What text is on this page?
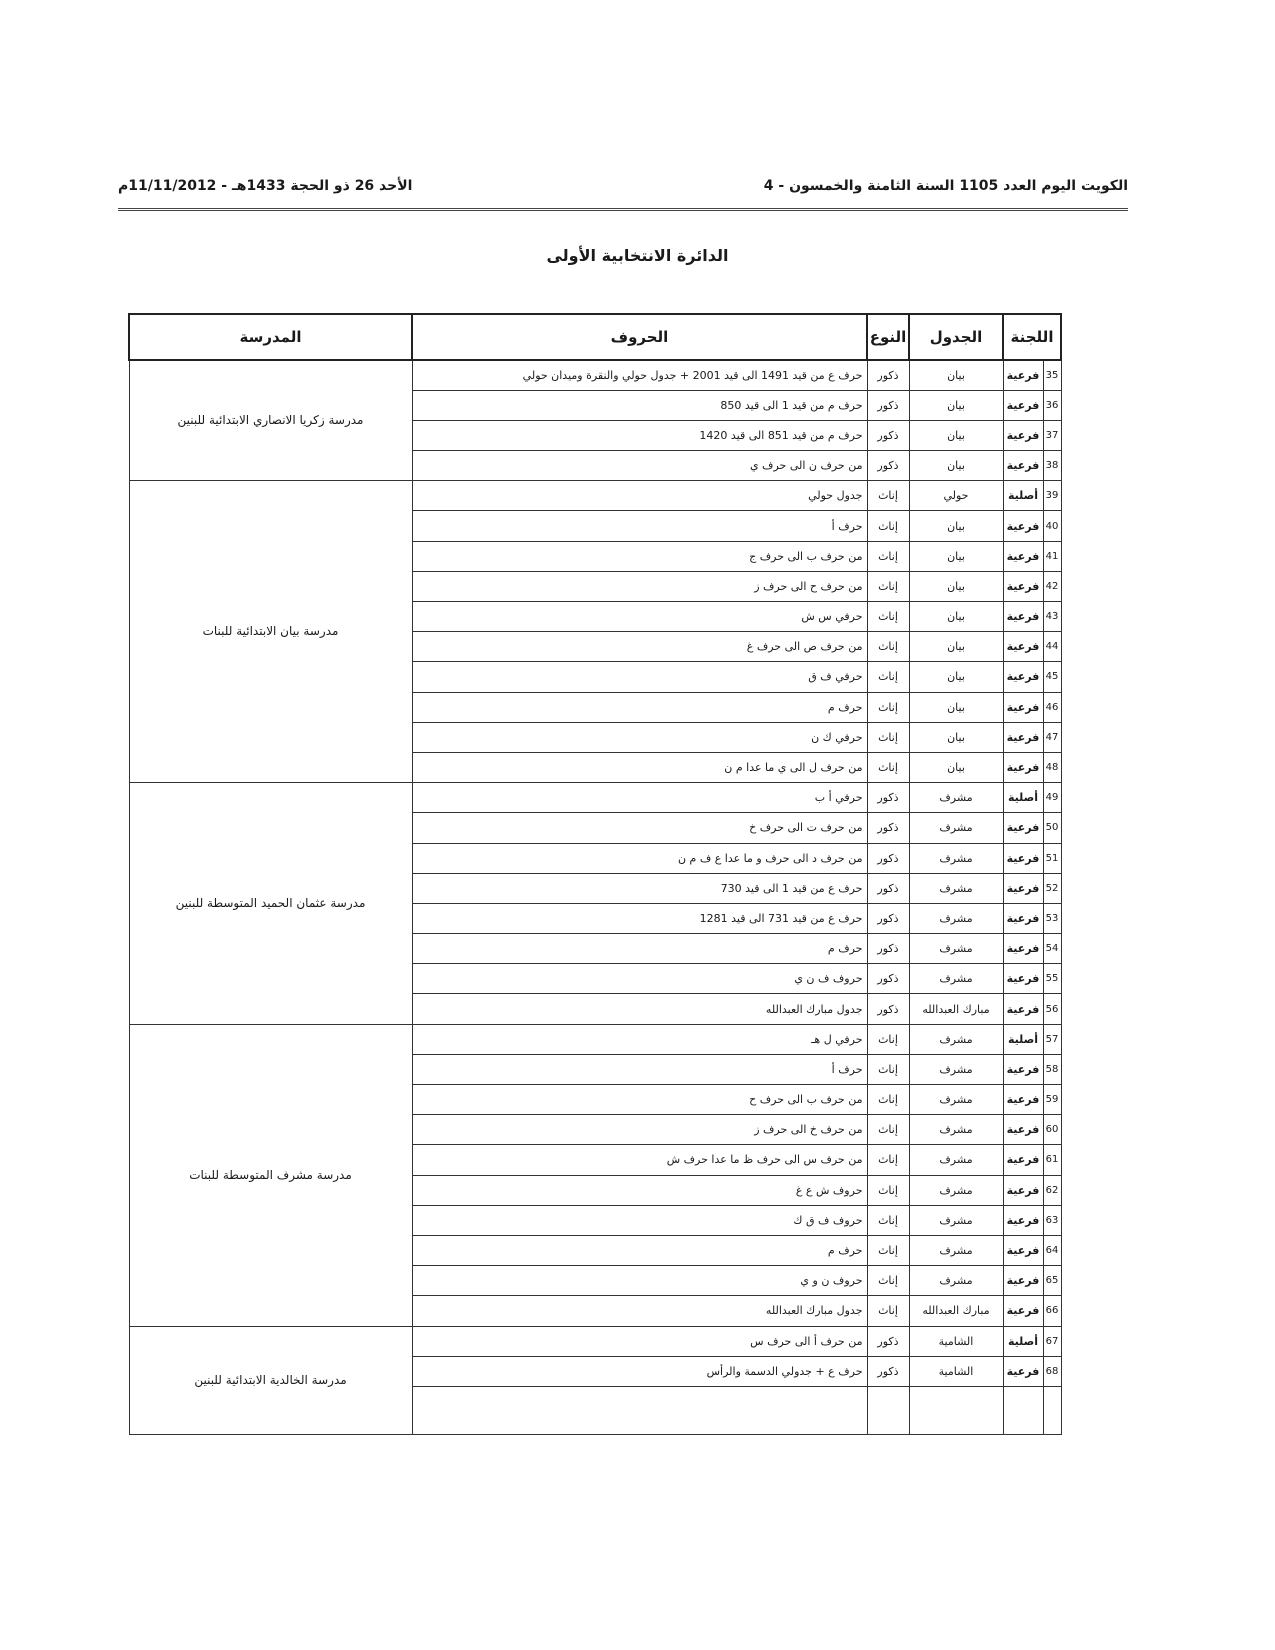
الكويت اليوم العدد 1105 السنة الثامنة والخمسون - 4
الأحد 26 ذو الحجة 1433هـ - 11/11/2012م
الدائرة الانتخابية الأولى
اللجنة		الجدول	النوع	الحروف	المدرسة
35	فرعية	بيان	ذكور	حرف ع من قيد 1491 الى قيد 2001 + جدول حولي والنقرة وميدان حولي	مدرسة زكريا الانصاري الابتدائية للبنين
36	فرعية	بيان	ذكور	حرف م من قيد 1 الى قيد 850	
37	فرعية	بيان	ذكور	حرف م من قيد 851 الى قيد 1420	
38	فرعية	بيان	ذكور	من حرف ن الى حرف ي	
39	أصلية	حولي	إناث	جدول حولي	مدرسة بيان الابتدائية للبنات
40	فرعية	بيان	إناث	حرف أ	
41	فرعية	بيان	إناث	من حرف ب الى حرف ج	
42	فرعية	بيان	إناث	من حرف ح الى حرف ز	
43	فرعية	بيان	إناث	حرفي س ش	
44	فرعية	بيان	إناث	من حرف ص الى حرف غ	
45	فرعية	بيان	إناث	حرفي ف ق	
46	فرعية	بيان	إناث	حرف م	
47	فرعية	بيان	إناث	حرفي ك ن	
48	فرعية	بيان	إناث	من حرف ل الى ي ما عدا م ن	
49	أصلية	مشرف	ذكور	حرفي أ ب	مدرسة عثمان الحميد المتوسطة للبنين
50	فرعية	مشرف	ذكور	من حرف ت الى حرف خ	
51	فرعية	مشرف	ذكور	من حرف د الى حرف و ما عدا ع ف م ن	
52	فرعية	مشرف	ذكور	حرف ع من قيد 1 الى قيد 730	
53	فرعية	مشرف	ذكور	حرف ع من قيد 731 الى قيد 1281	
54	فرعية	مشرف	ذكور	حرف م	
55	فرعية	مشرف	ذكور	حروف ف ن ي	
56	فرعية	مبارك العبدالله	ذكور	جدول مبارك العبدالله	
57	أصلية	مشرف	إناث	حرفي ل هـ	مدرسة مشرف المتوسطة للبنات
58	فرعية	مشرف	إناث	حرف أ	
59	فرعية	مشرف	إناث	من حرف ب الى حرف ح	
60	فرعية	مشرف	إناث	من حرف خ الى حرف ز	
61	فرعية	مشرف	إناث	من حرف س الى حرف ظ ما عدا حرف ش	
62	فرعية	مشرف	إناث	حروف ش ع غ	
63	فرعية	مشرف	إناث	حروف ف ق ك	
64	فرعية	مشرف	إناث	حرف م	
65	فرعية	مشرف	إناث	حروف ن و ي	
66	فرعية	مبارك العبدالله	إناث	جدول مبارك العبدالله	
67	أصلية	الشامية	ذكور	من حرف أ الى حرف س	مدرسة الخالدية الابتدائية للبنين
68	فرعية	الشامية	ذكور	حرف ع + جدولي الدسمة والرأس	
